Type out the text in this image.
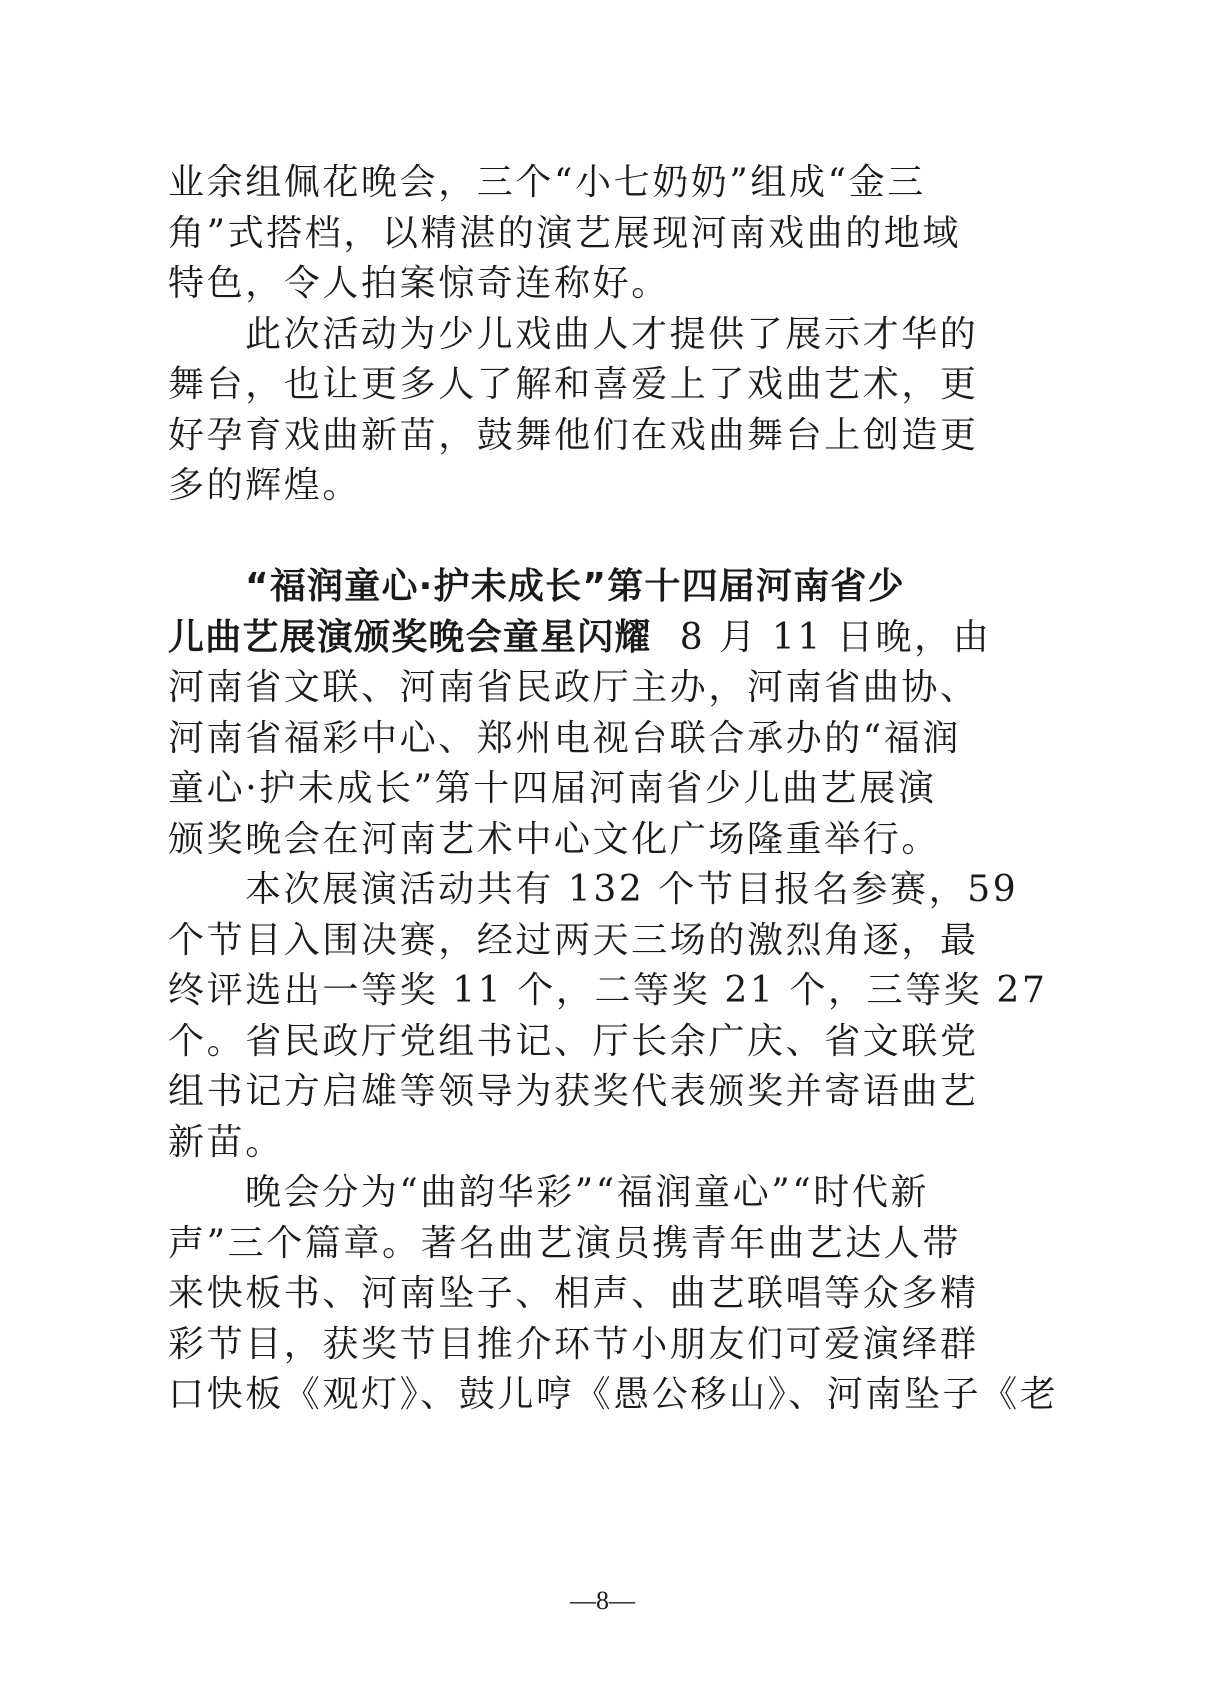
业余组佩花晚会，三个“小七奶奶”组成“金三
角”式搭档，以精湛的演艺展现河南戏曲的地域
特色，令人拍案惊奇连称好。
此次活动为少儿戏曲人才提供了展示才华的
舞台，也让更多人了解和喜爱上了戏曲艺术，更
好孕育戏曲新苗，鼓舞他们在戏曲舞台上创造更
多的辉煌。
“福润童心·护未成长”第十四届河南省少
儿曲艺展演颁奖晚会童星闪耀 8 月 11 日晚，由
河南省文联、河南省民政厅主办，河南省曲协、
河南省福彩中心、郑州电视台联合承办的“福润
童心·护未成长”第十四届河南省少儿曲艺展演
颁奖晚会在河南艺术中心文化广场隆重举行。
本次展演活动共有 132 个节目报名参赛，59
个节目入围决赛，经过两天三场的激烈角逐，最
终评选出一等奖 11 个，二等奖 21 个，三等奖 27
个。省民政厅党组书记、厅长余广庆、省文联党
组书记方启雄等领导为获奖代表颁奖并寄语曲艺
新苗。
晚会分为“曲韵华彩”“福润童心”“时代新
声”三个篇章。著名曲艺演员携青年曲艺达人带
来快板书、河南坠子、相声、曲艺联唱等众多精
彩节目，获奖节目推介环节小朋友们可爱演绎群
口快板《观灯》、鼓儿哼《愚公移山》、河南坠子《老
—8—
